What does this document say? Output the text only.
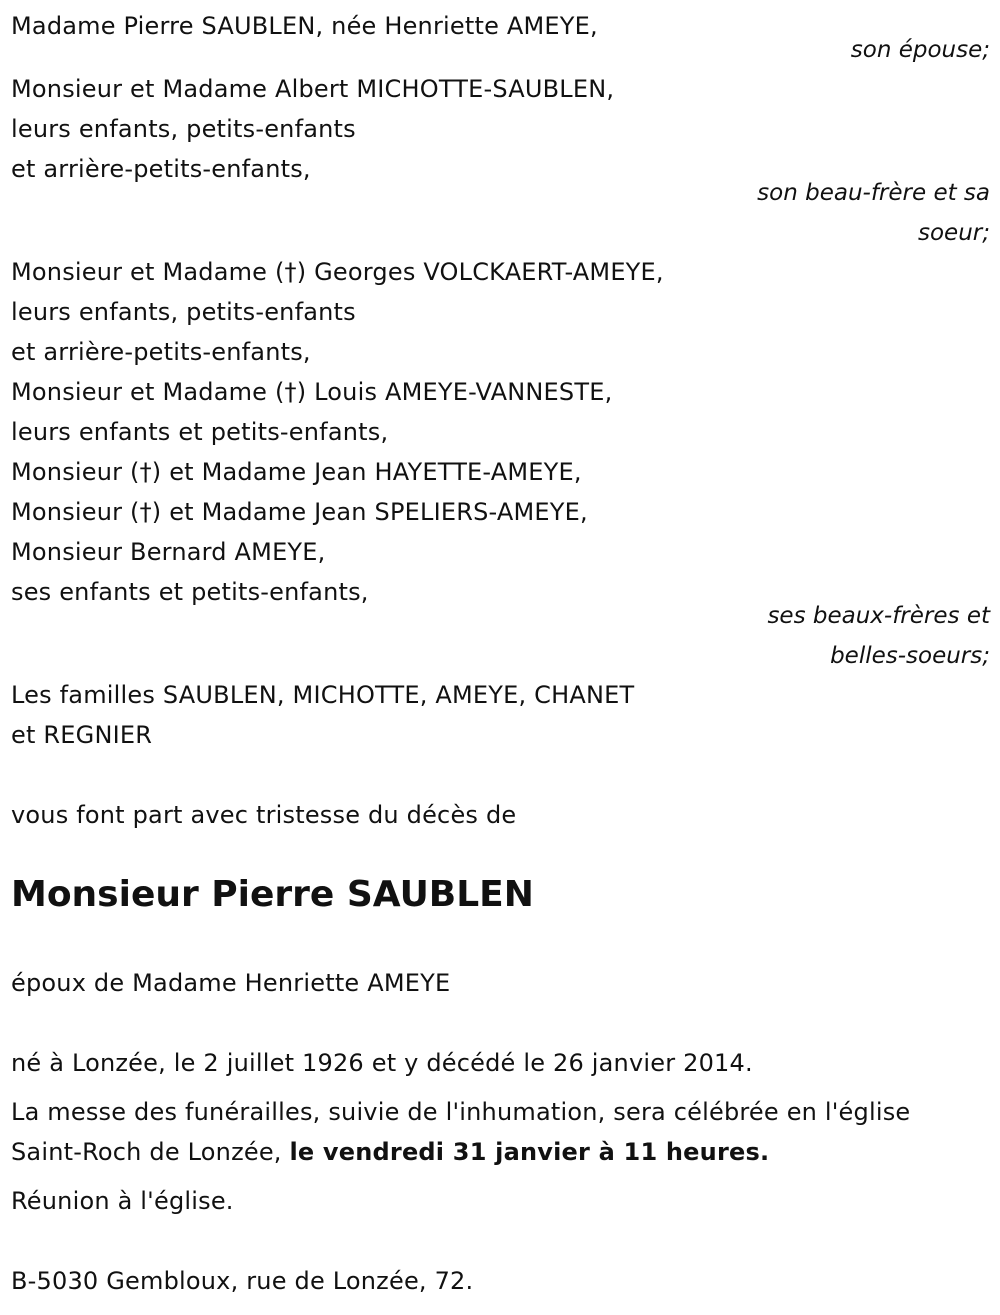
Madame Pierre SAUBLEN, née Henriette AMEYE,
son épouse;
Monsieur et Madame Albert MICHOTTE-SAUBLEN,
leurs enfants, petits-enfants
et arrière-petits-enfants,
son beau-frère et sa
soeur;
Monsieur et Madame (†) Georges VOLCKAERT-AMEYE,
leurs enfants, petits-enfants
et arrière-petits-enfants,
Monsieur et Madame (†) Louis AMEYE-VANNESTE,
leurs enfants et petits-enfants,
Monsieur (†) et Madame Jean HAYETTE-AMEYE,
Monsieur (†) et Madame Jean SPELIERS-AMEYE,
Monsieur Bernard AMEYE,
ses enfants et petits-enfants,
ses beaux-frères et
belles-soeurs;
Les familles SAUBLEN, MICHOTTE, AMEYE, CHANET
et REGNIER
vous font part avec tristesse du décès de
Monsieur Pierre SAUBLEN
époux de Madame Henriette AMEYE
né à Lonzée, le 2 juillet 1926 et y décédé le 26 janvier 2014.
La messe des funérailles, suivie de l'inhumation, sera célébrée en l'église
Saint-Roch de Lonzée, le vendredi 31 janvier à 11 heures.
Réunion à l'église.
B-5030 Gembloux, rue de Lonzée, 72.
